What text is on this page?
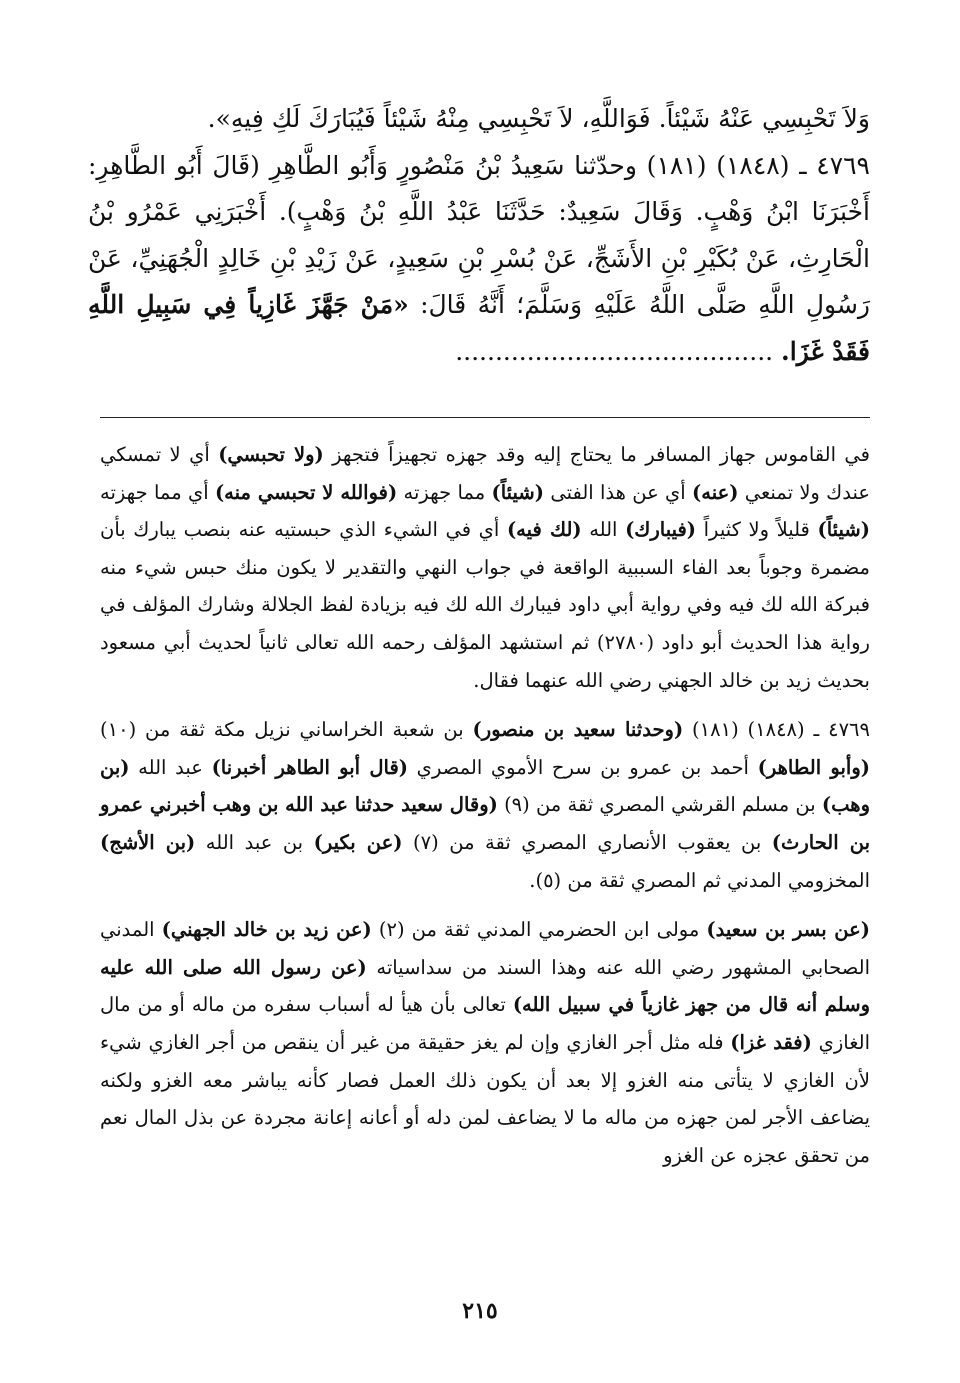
وَلاَ تَحْبِسِي عَنْهُ شَيْئاً. فَوَاللَّهِ، لاَ تَحْبِسِي مِنْهُ شَيْئاً فَيُبَارَكَ لَكِ فِيهِ».

٤٧٦٩ ـ (١٨٤٨) (١٨١) وحدّثنا سَعِيدُ بْنُ مَنْصُورٍ وَأَبُو الطَّاهِرِ (قَالَ أَبُو الطَّاهِرِ: أَخْبَرَنَا ابْنُ وَهْبٍ. وَقَالَ سَعِيدٌ: حَدَّثَنَا عَبْدُ اللَّهِ بْنُ وَهْبٍ). أَخْبَرَنِي عَمْرُو بْنُ الْحَارِثِ، عَنْ بُكَيْرِ بْنِ الأَشَجِّ، عَنْ بُسْرِ بْنِ سَعِيدٍ، عَنْ زَيْدِ بْنِ خَالِدٍ الْجُهَنِيِّ، عَنْ رَسُولِ اللَّهِ صَلَّى اللَّهُ عَلَيْهِ وَسَلَّمَ؛ أَنَّهُ قَالَ: «مَنْ جَهَّزَ غَازِياً فِي سَبِيلِ اللَّهِ فَقَدْ غَزَا. ........................................

في القاموس جهاز المسافر ما يحتاج إليه وقد جهزه تجهيزاً فتجهز (ولا تحبسي) أي لا تمسكي عندك ولا تمنعي (عنه) أي عن هذا الفتى (شيئاً) مما جهزته (فوالله لا تحبسي منه) أي مما جهزته (شيئاً) قليلاً ولا كثيراً (فيبارك) الله (لك فيه) أي في الشيء الذي حبستيه عنه بنصب يبارك بأن مضمرة وجوباً بعد الفاء السببية الواقعة في جواب النهي والتقدير لا يكون منك حبس شيء منه فبركة الله لك فيه وفي رواية أبي داود فيبارك الله لك فيه بزيادة لفظ الجلالة وشارك المؤلف في رواية هذا الحديث أبو داود (٢٧٨٠) ثم استشهد المؤلف رحمه الله تعالى ثانياً لحديث أبي مسعود بحديث زيد بن خالد الجهني رضي الله عنهما فقال.

٤٧٦٩ ـ (١٨٤٨) (١٨١) (وحدثنا سعيد بن منصور) بن شعبة الخراساني نزيل مكة ثقة من (١٠) (وأبو الطاهر) أحمد بن عمرو بن سرح الأموي المصري (قال أبو الطاهر أخبرنا) عبد الله (بن وهب) بن مسلم القرشي المصري ثقة من (٩) (وقال سعيد حدثنا عبد الله بن وهب أخبرني عمرو بن الحارث) بن يعقوب الأنصاري المصري ثقة من (٧) (عن بكير) بن عبد الله (بن الأشج) المخزومي المدني ثم المصري ثقة من (٥).

(عن بسر بن سعيد) مولى ابن الحضرمي المدني ثقة من (٢) (عن زيد بن خالد الجهني) المدني الصحابي المشهور رضي الله عنه وهذا السند من سداسياته (عن رسول الله صلى الله عليه وسلم أنه قال من جهز غازياً في سبيل الله) تعالى بأن هيأ له أسباب سفره من ماله أو من مال الغازي (فقد غزا) فله مثل أجر الغازي وإن لم يغز حقيقة من غير أن ينقص من أجر الغازي شيء لأن الغازي لا يتأتى منه الغزو إلا بعد أن يكون ذلك العمل فصار كأنه يباشر معه الغزو ولكنه يضاعف الأجر لمن جهزه من ماله ما لا يضاعف لمن دله أو أعانه إعانة مجردة عن بذل المال نعم من تحقق عجزه عن الغزو

٢١٥
